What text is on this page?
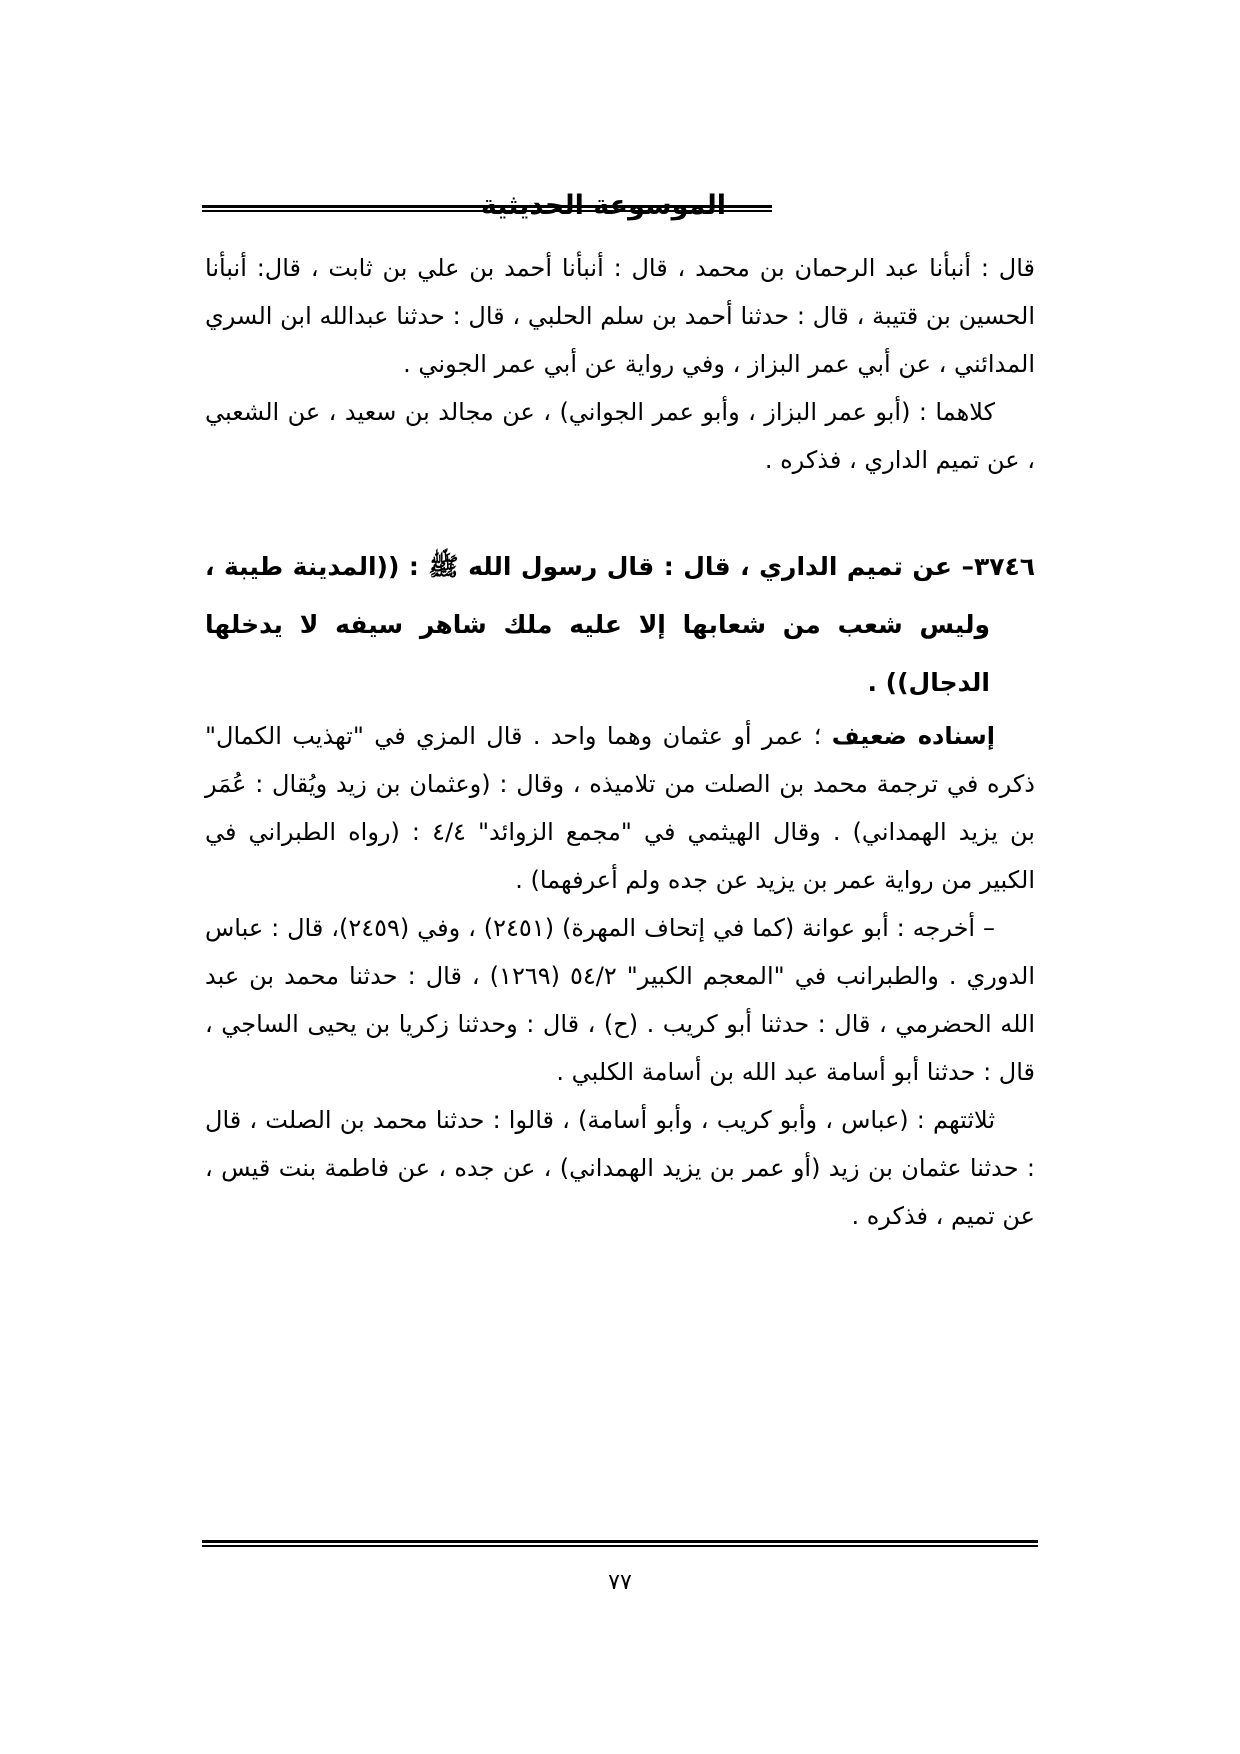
الموسوعة الحديثية

قال : أنبأنا عبد الرحمان بن محمد ، قال : أنبأنا أحمد بن علي بن ثابت ، قال: أنبأنا الحسين بن قتيبة ، قال : حدثنا أحمد بن سلم الحلبي ، قال : حدثنا عبدالله ابن السري المدائني ، عن أبي عمر البزاز ، وفي رواية عن أبي عمر الجوني .

كلاهما : (أبو عمر البزاز ، وأبو عمر الجواني) ، عن مجالد بن سعيد ، عن الشعبي ، عن تميم الداري ، فذكره .

٣٧٤٦– عن تميم الداري ، قال : قال رسول الله ﷺ : ((المدينة طيبة ،
وليس شعب من شعابها إلا عليه ملك شاهر سيفه لا يدخلها
الدجال)) .

إسناده ضعيف ؛ عمر أو عثمان وهما واحد . قال المزي في "تهذيب الكمال" ذكره في ترجمة محمد بن الصلت من تلاميذه ، وقال : (وعثمان بن زيد ويُقال : عُمَر بن يزيد الهمداني) . وقال الهيثمي في "مجمع الزوائد" ٤/٤ : (رواه الطبراني في الكبير من رواية عمر بن يزيد عن جده ولم أعرفهما) .

– أخرجه : أبو عوانة (كما في إتحاف المهرة) (٢٤٥١) ، وفي (٢٤٥٩)، قال : عباس الدوري . والطبرانب في "المعجم الكبير" ٥٤/٢ (١٢٦٩) ، قال : حدثنا محمد بن عبد الله الحضرمي ، قال : حدثنا أبو كريب . (ح) ، قال : وحدثنا زكريا بن يحيى الساجي ، قال : حدثنا أبو أسامة عبد الله بن أسامة الكلبي .

ثلاثتهم : (عباس ، وأبو كريب ، وأبو أسامة) ، قالوا : حدثنا محمد بن الصلت ، قال : حدثنا عثمان بن زيد (أو عمر بن يزيد الهمداني) ، عن جده ، عن فاطمة بنت قيس ، عن تميم ، فذكره .

٧٧
